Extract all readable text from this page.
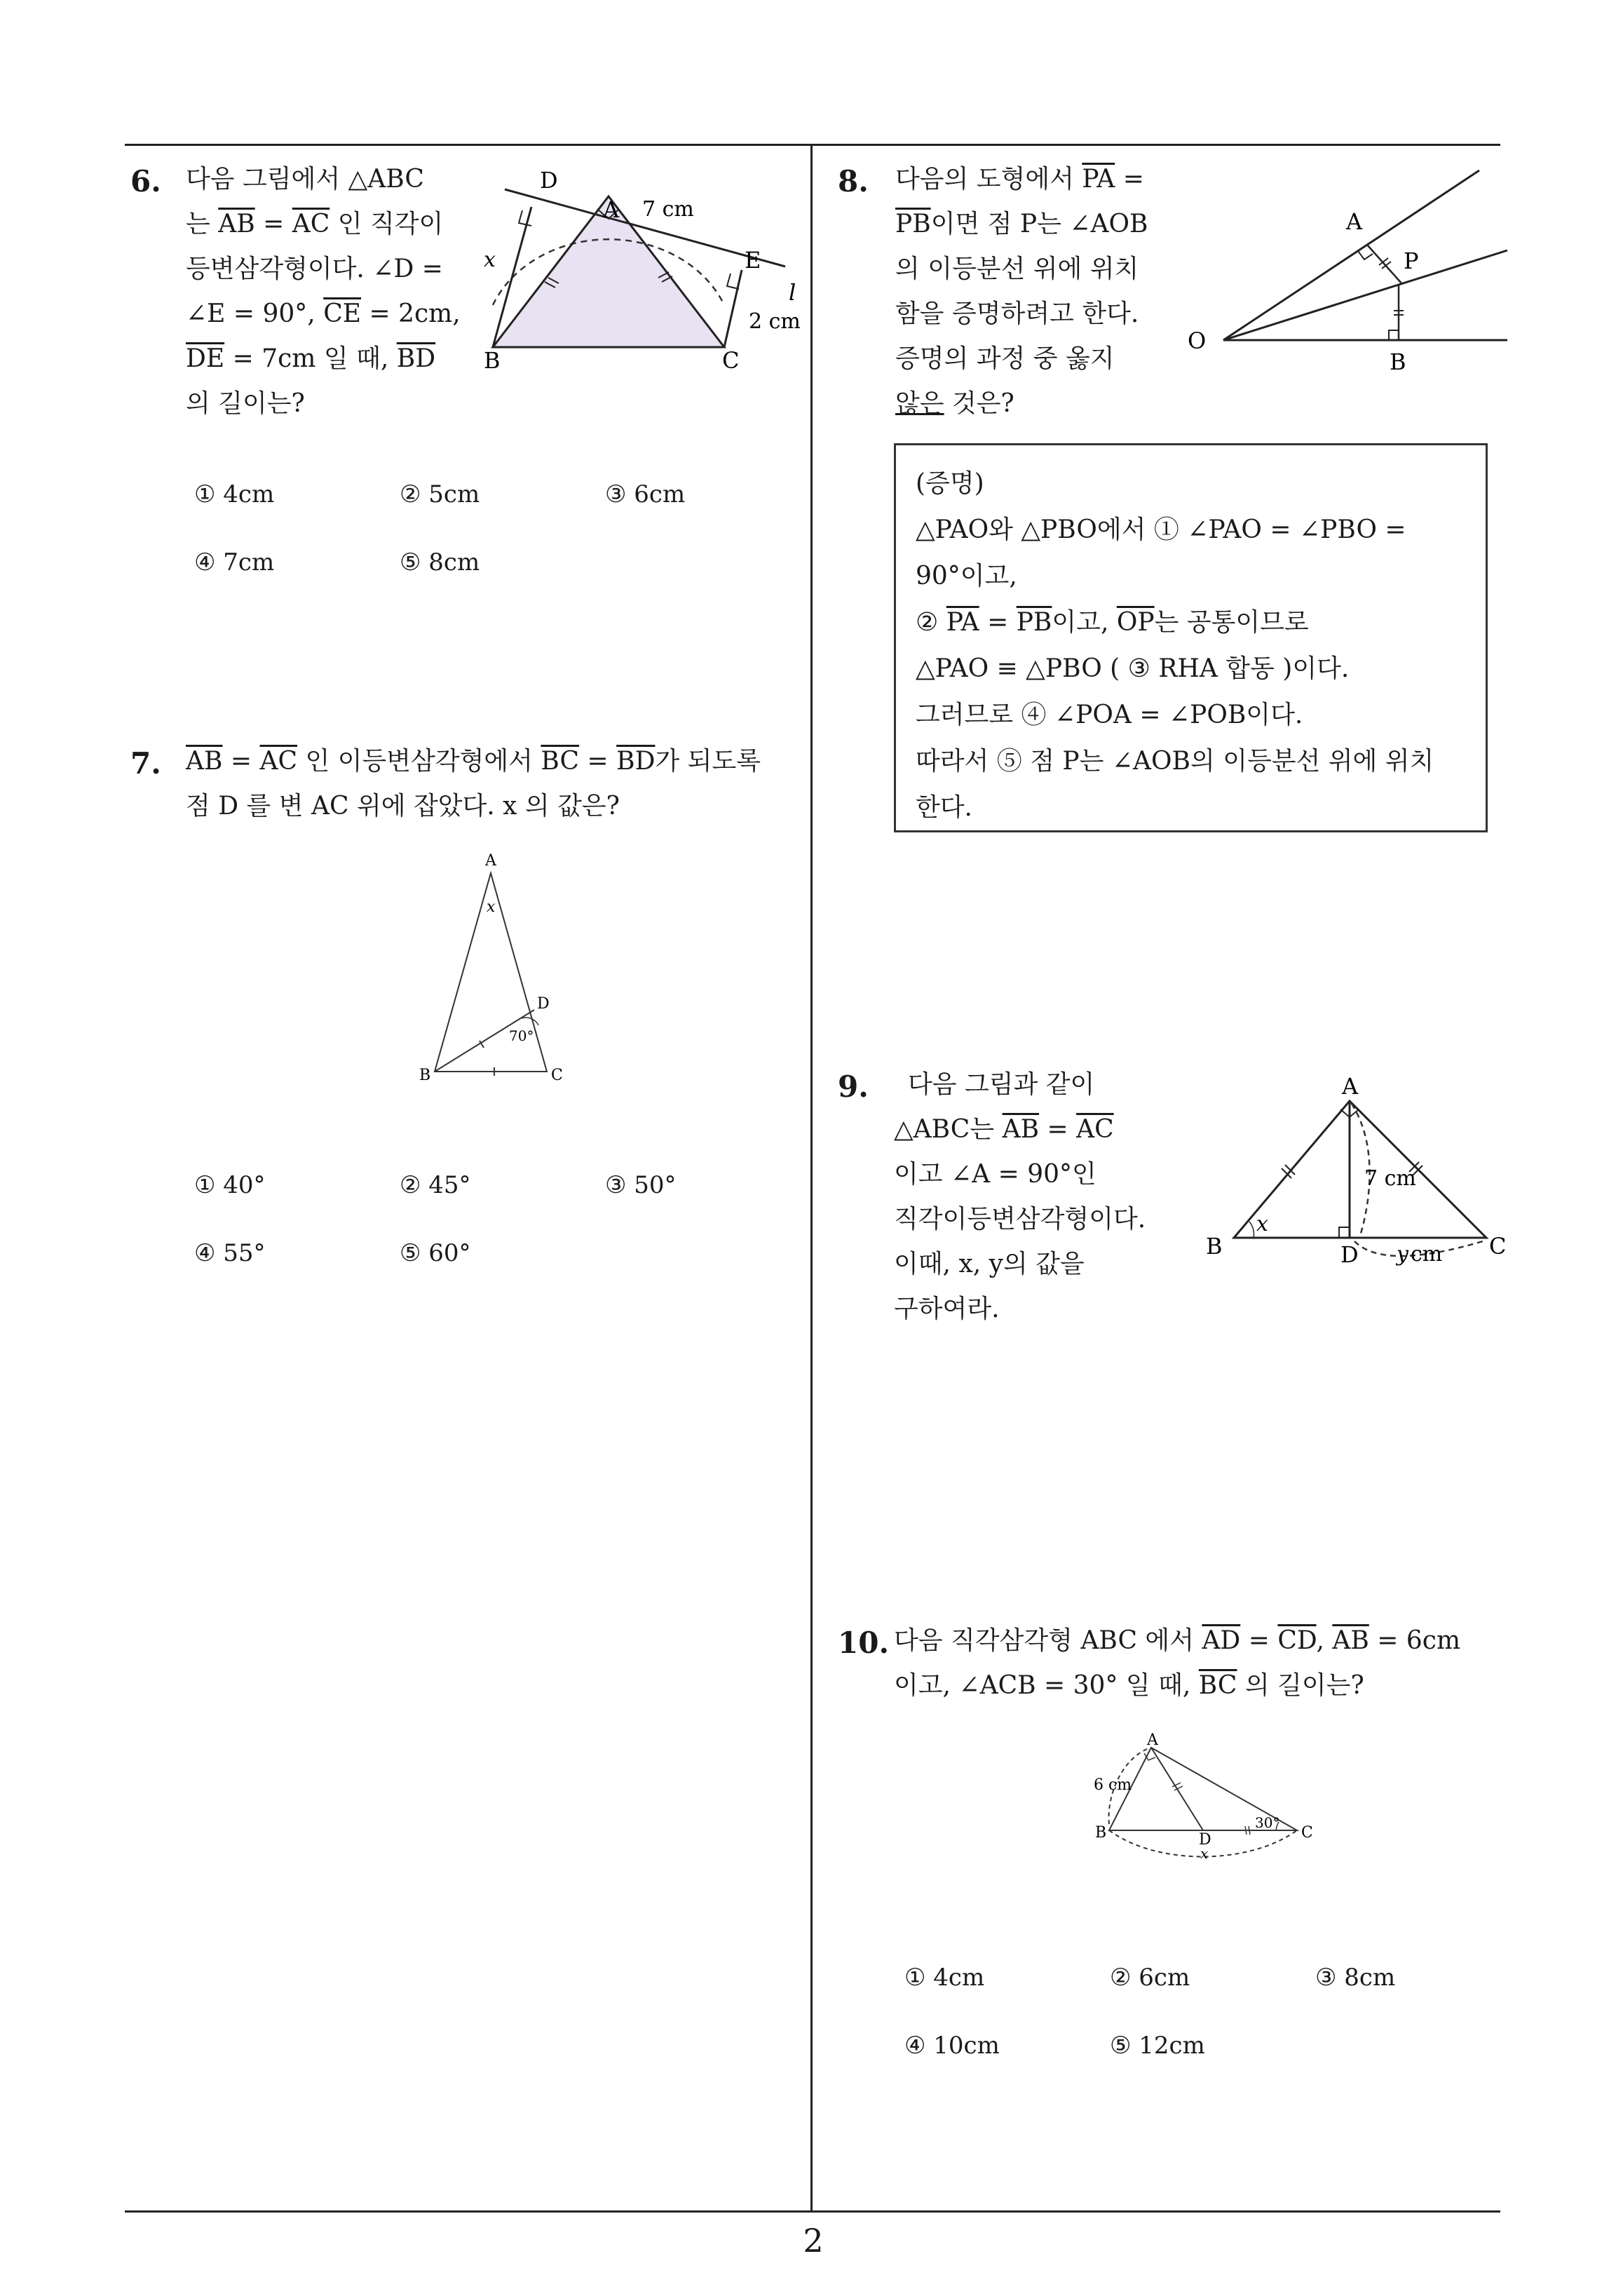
2
6. 다음 그림에서 △ABC
는 $\overline{AB} = \overline{AC}$ 인 직각이
등변삼각형이다. ∠D =
∠E = 90°, $\overline{CE} = 2cm$,
$\overline{DE} = 7cm$ 일 때, $\overline{BD}$
의 길이는?
D
A 7 cm
E
l
2 cm
B	C
x
① 4cm	② 5cm	③ 6cm
④ 7cm	⑤ 8cm
7. $\overline{AB} = \overline{AC}$ 인 이등변삼각형에서 $\overline{BC} = \overline{BD}$가 되도록
점 D 를 변 AC 위에 잡았다. x 의 값은?
A
x
D
70°
B	C
① 40°	② 45°	③ 50°
④ 55°	⑤ 60°
8. 다음의 도형에서 $\overline{PA}$ =
$\overline{PB}$이면 점 P는 ∠AOB
의 이등분선 위에 위치
함을 증명하려고 한다.
증명의 과정 중 옳지
않은 것은?
A
P
O
B
(증명)
△PAO와 △PBO에서 ① ∠PAO = ∠PBO =
90°이고,
② $\overline{PA} = \overline{PB}$이고, $\overline{OP}$는 공통이므로
△PAO ≡ △PBO ( ③ RHA 합동 )이다.
그러므로 ④ ∠POA = ∠POB이다.
따라서 ⑤ 점 P는 ∠AOB의 이등분선 위에 위치
한다.
9.	다음 그림과 같이
△ABC는 $\overline{AB} = \overline{AC}$
이고 ∠A = 90°인
직각이등변삼각형이다.
이때, x, y의 값을
구하여라.
A
B
x
D
7 cm
y cm C
10. 다음 직각삼각형 ABC 에서 $\overline{AD} = \overline{CD}$, $\overline{AB} = 6cm$
이고, ∠ACB = 30° 일 때, $\overline{BC}$ 의 길이는?
A
6 cm
B	D
x
30°
C
① 4cm	② 6cm	③ 8cm
④ 10cm	⑤ 12cm
